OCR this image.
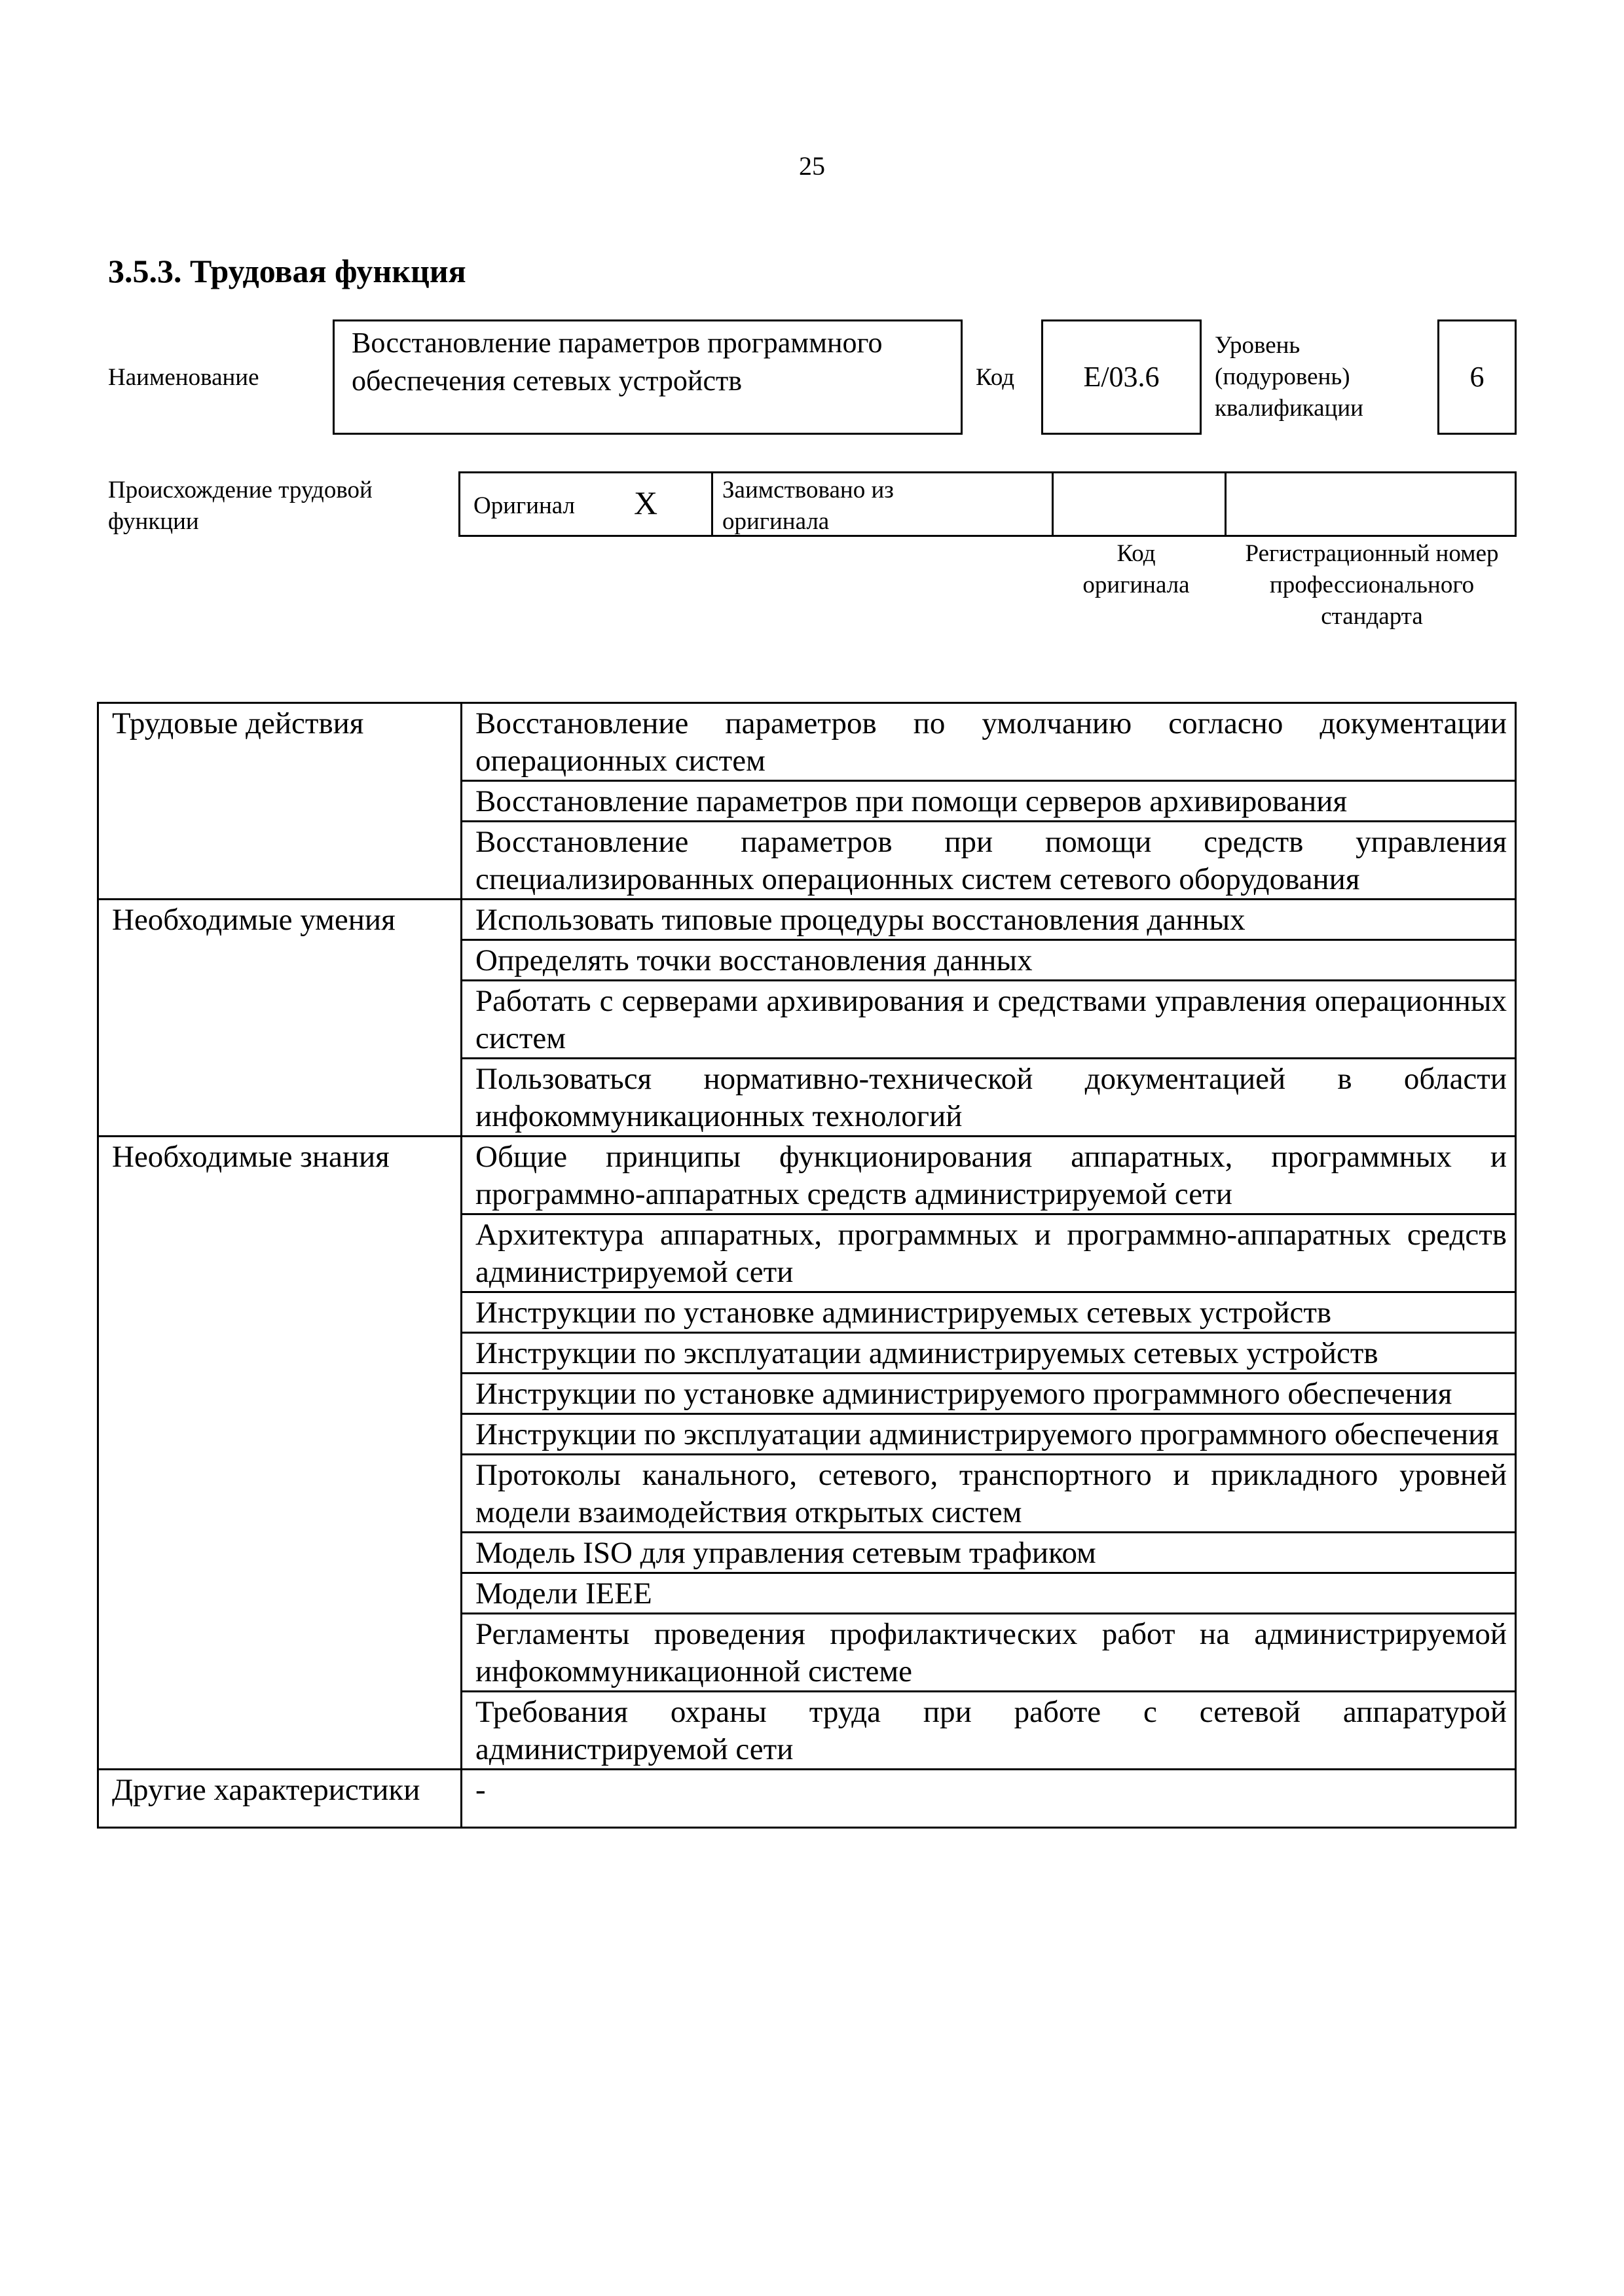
25
3.5.3. Трудовая функция
Наименование
Восстановление параметров программного обеспечения сетевых устройств	Код	E/03.6
Уровень (подуровень) квалификации
6
Происхождение трудовой функции
Оригинал X	Заимствовано из оригинала
Код оригинала
Регистрационный номер профессионального стандарта
Трудовые действия	Восстановление параметров по умолчанию согласно документации операционных систем
	Восстановление параметров при помощи серверов архивирования
	Восстановление параметров при помощи средств управления специализированных операционных систем сетевого оборудования
Необходимые умения	Использовать типовые процедуры восстановления данных
	Определять точки восстановления данных
	Работать с серверами архивирования и средствами управления операционных систем
	Пользоваться нормативно-технической документацией в области инфокоммуникационных технологий
Необходимые знания	Общие принципы функционирования аппаратных, программных и программно-аппаратных средств администрируемой сети
	Архитектура аппаратных, программных и программно-аппаратных средств администрируемой сети
	Инструкции по установке администрируемых сетевых устройств
	Инструкции по эксплуатации администрируемых сетевых устройств
	Инструкции по установке администрируемого программного обеспечения
	Инструкции по эксплуатации администрируемого программного обеспечения
	Протоколы канального, сетевого, транспортного и прикладного уровней модели взаимодействия открытых систем
	Модель ISO для управления сетевым трафиком
	Модели IEEE
	Регламенты проведения профилактических работ на администрируемой инфокоммуникационной системе
	Требования охраны труда при работе с сетевой аппаратурой администрируемой сети
Другие характеристики	-
